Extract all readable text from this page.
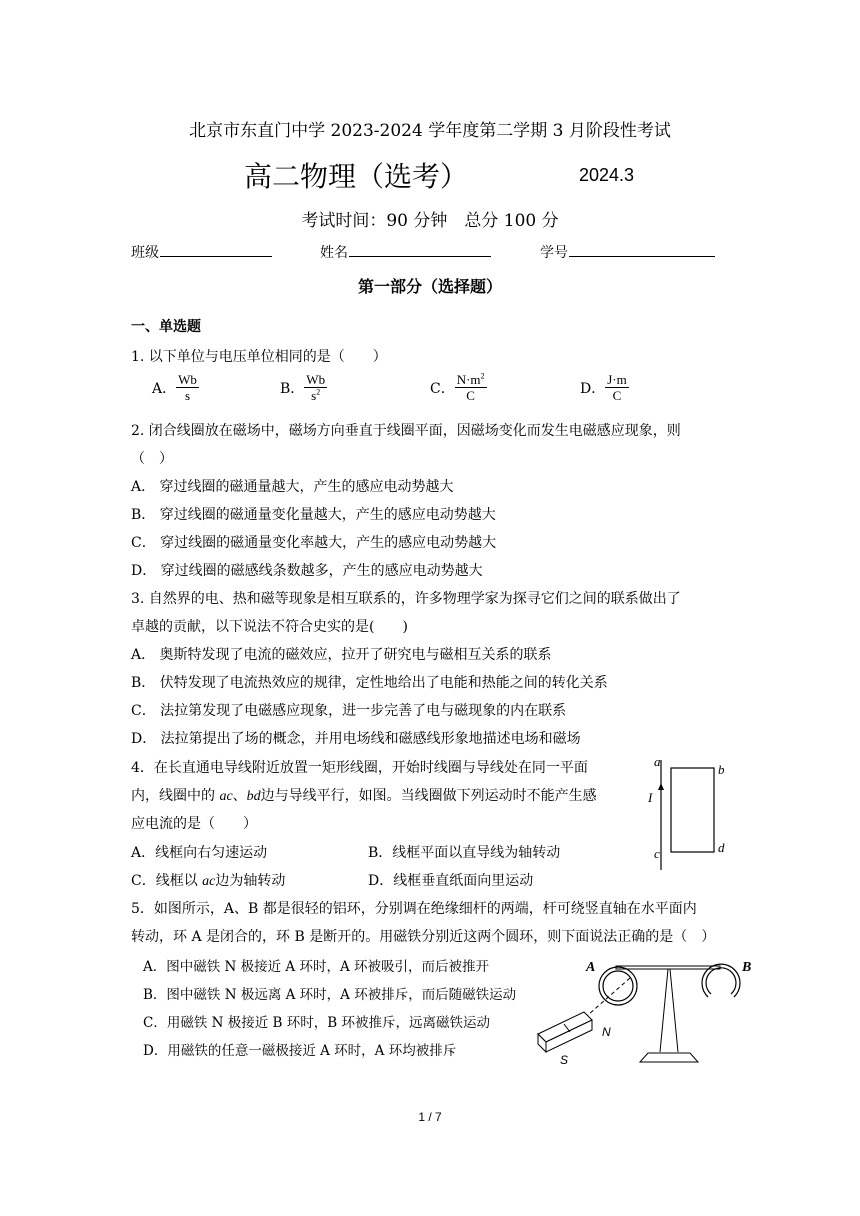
北京市东直门中学 2023-2024 学年度第二学期 3 月阶段性考试
高二物理（选考）	2024.3
考试时间：90 分钟　总分 100 分
班级	姓名	学号
第一部分（选择题）
一、单选题
1. 以下单位与电压单位相同的是（　　）
A． $\frac{Wb}{s}$	B． $\frac{Wb}{s^2}$	C． $\frac{N\cdot m^2}{C}$	D． $\frac{J\cdot m}{C}$
2. 闭合线圈放在磁场中，磁场方向垂直于线圈平面，因磁场变化而发生电磁感应现象，则
（　）
A． 穿过线圈的磁通量越大，产生的感应电动势越大
B． 穿过线圈的磁通量变化量越大，产生的感应电动势越大
C． 穿过线圈的磁通量变化率越大，产生的感应电动势越大
D． 穿过线圈的磁感线条数越多，产生的感应电动势越大
3. 自然界的电、热和磁等现象是相互联系的，许多物理学家为探寻它们之间的联系做出了
卓越的贡献，以下说法不符合史实的是(　　)
A． 奥斯特发现了电流的磁效应，拉开了研究电与磁相互关系的联系
B． 伏特发现了电流热效应的规律，定性地给出了电能和热能之间的转化关系
C． 法拉第发现了电磁感应现象，进一步完善了电与磁现象的内在联系
D． 法拉第提出了场的概念，并用电场线和磁感线形象地描述电场和磁场
4．在长直通电导线附近放置一矩形线圈，开始时线圈与导线处在同一平面
内，线圈中的 ac、bd边与导线平行，如图。当线圈做下列运动时不能产生感
应电流的是（　　）
A．线框向右匀速运动	B．线框平面以直导线为轴转动
C．线框以 ac边为轴转动	D．线框垂直纸面向里运动
a
b
I
c	d
5．如图所示，A、B 都是很轻的铝环，分别调在绝缘细杆的两端，杆可绕竖直轴在水平面内
转动，环 A 是闭合的，环 B 是断开的。用磁铁分别近这两个圆环，则下面说法正确的是（　）
A．图中磁铁 N 极接近 A 环时，A 环被吸引，而后被推开
B．图中磁铁 N 极远离 A 环时，A 环被排斥，而后随磁铁运动
C．用磁铁 N 极接近 B 环时，B 环被推斥，远离磁铁运动
D．用磁铁的任意一磁极接近 A 环时，A 环均被排斥
A	B
N
S
1 / 7
